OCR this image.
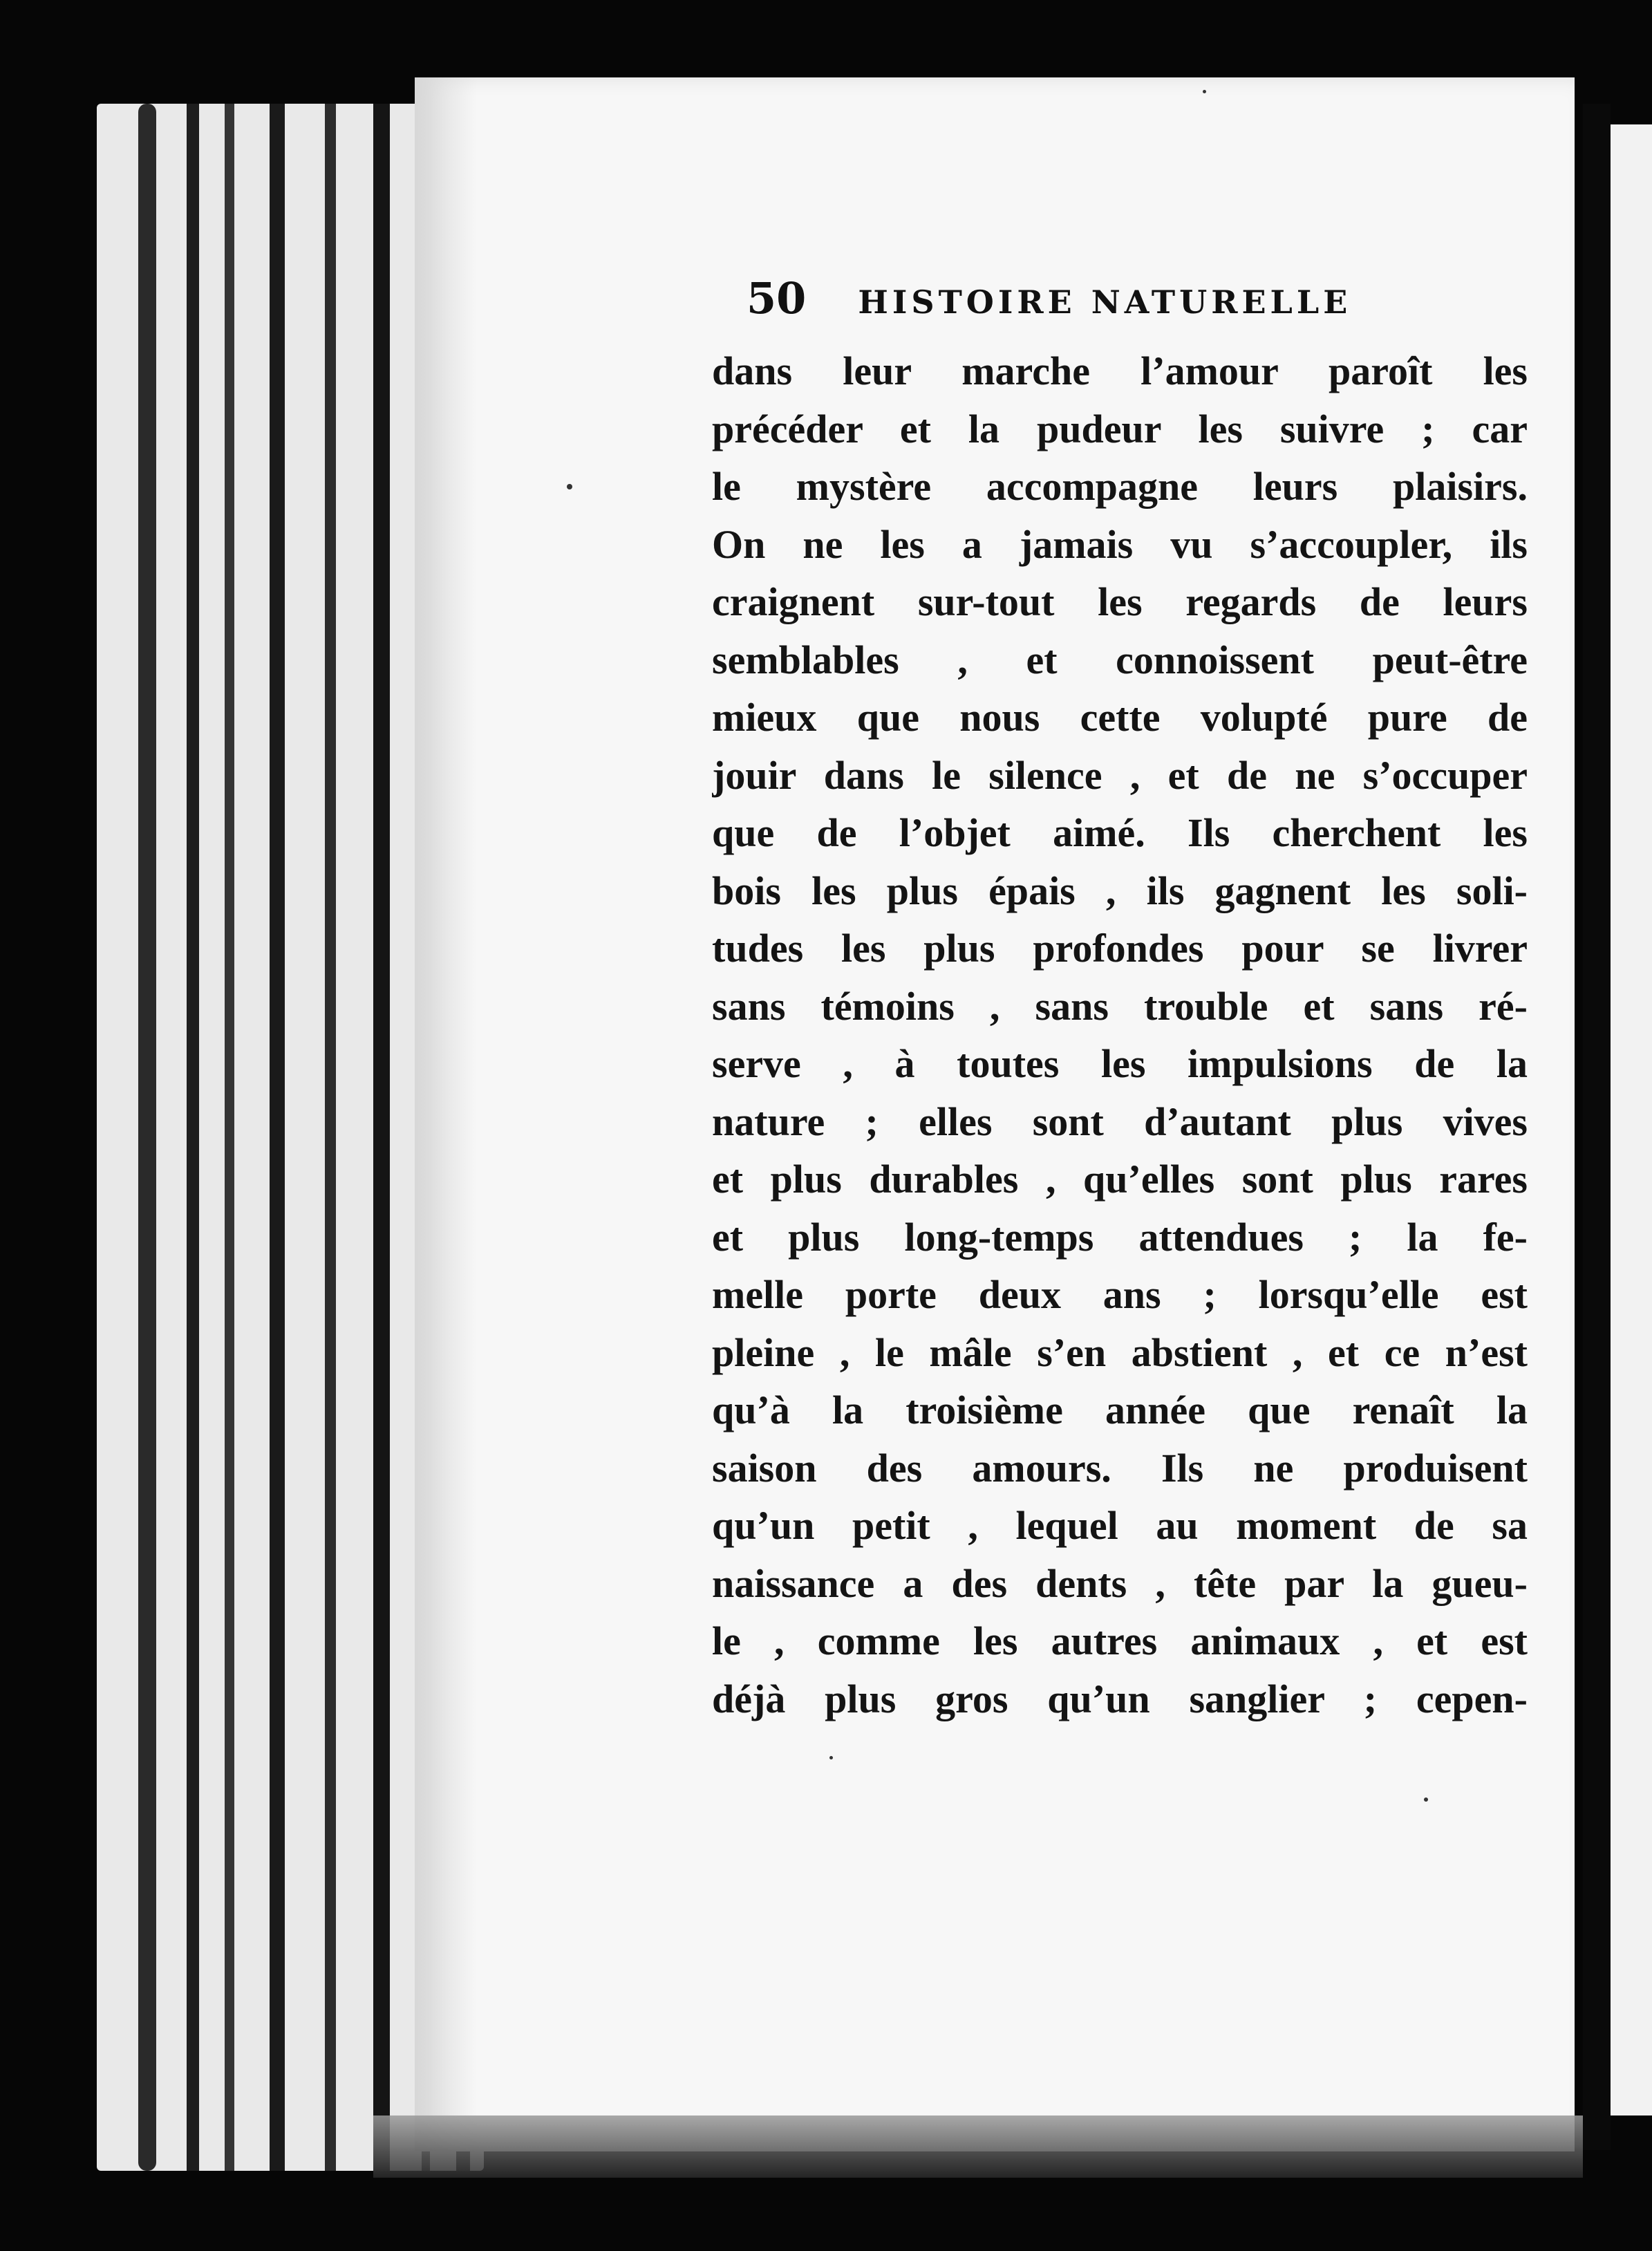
50 HISTOIRE NATURELLE
dans leur marche l’amour paroît les
précéder et la pudeur les suivre ; car
le mystère accompagne leurs plaisirs.
On ne les a jamais vu s’accoupler, ils
craignent sur-tout les regards de leurs
semblables , et connoissent peut-être
mieux que nous cette volupté pure de
jouir dans le silence , et de ne s’occuper
que de l’objet aimé. Ils cherchent les
bois les plus épais , ils gagnent les soli-
tudes les plus profondes pour se livrer
sans témoins , sans trouble et sans ré-
serve , à toutes les impulsions de la
nature ; elles sont d’autant plus vives
et plus durables , qu’elles sont plus rares
et plus long-temps attendues ; la fe-
melle porte deux ans ; lorsqu’elle est
pleine , le mâle s’en abstient , et ce n’est
qu’à la troisième année que renaît la
saison des amours. Ils ne produisent
qu’un petit , lequel au moment de sa
naissance a des dents , tête par la gueu-
le , comme les autres animaux , et est
déjà plus gros qu’un sanglier ; cepen-
